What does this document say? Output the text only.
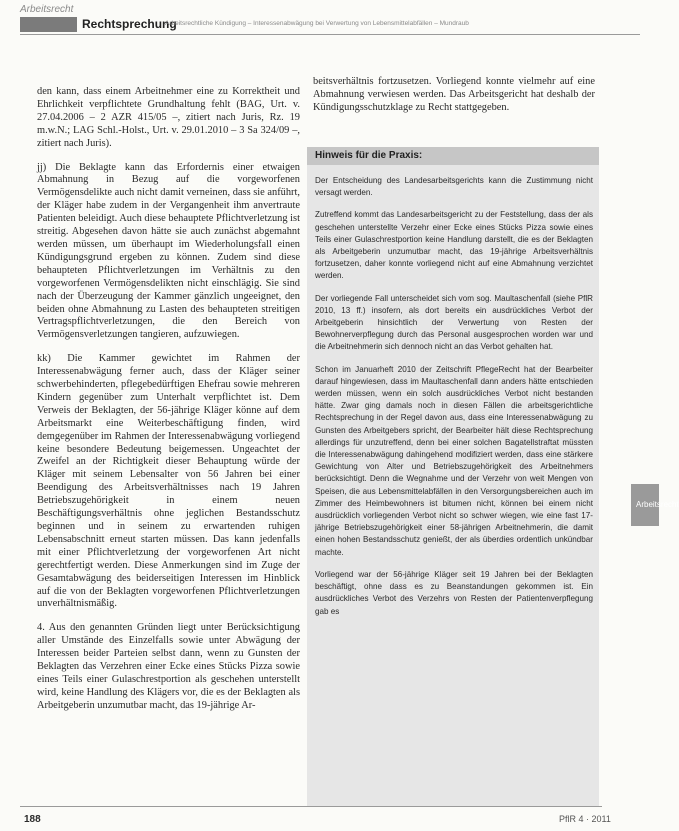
Arbeitsrecht
Rechtsprechung
Arbeitsrechtliche Kündigung – Interessenabwägung bei Verwertung von Lebensmittelabfällen – Mundraub

den kann, dass einem Arbeitnehmer eine zu Korrektheit und Ehrlichkeit verpflichtete Grundhaltung fehlt (BAG, Urt. v. 27.04.2006 – 2 AZR 415/05 –, zitiert nach Juris, Rz. 19 m.w.N.; LAG Schl.-Holst., Urt. v. 29.01.2010 – 3 Sa 324/09 –, zitiert nach Juris).

jj) Die Beklagte kann das Erfordernis einer etwaigen Abmahnung in Bezug auf die vorgeworfenen Vermögensdelikte auch nicht damit verneinen, dass sie anführt, der Kläger habe zudem in der Vergangenheit ihm anvertraute Patienten beleidigt. Auch diese behauptete Pflichtverletzung ist streitig. Abgesehen davon hätte sie auch zunächst abgemahnt werden müssen, um überhaupt im Wiederholungsfall einen Kündigungsgrund ergeben zu können. Zudem sind diese behaupteten Pflichtverletzungen im Verhältnis zu den vorgeworfenen Vermögensdelikten nicht einschlägig. Sie sind nach der Überzeugung der Kammer gänzlich ungeeignet, den beiden ohne Abmahnung zu Lasten des behaupteten streitigen Vertragspflichtverletzungen, die den Bereich von Vermögensverletzungen tangieren, aufzuwiegen.

kk) Die Kammer gewichtet im Rahmen der Interessenabwägung ferner auch, dass der Kläger seiner schwerbehinderten, pflegebedürftigen Ehefrau sowie mehreren Kindern gegenüber zum Unterhalt verpflichtet ist. Dem Verweis der Beklagten, der 56-jährige Kläger könne auf dem Arbeitsmarkt eine Weiterbeschäftigung finden, wird demgegenüber im Rahmen der Interessenabwägung vorliegend keine besondere Bedeutung beigemessen. Ungeachtet der Zweifel an der Richtigkeit dieser Behauptung würde der Kläger mit seinem Lebensalter von 56 Jahren bei einer Beendigung des Arbeitsverhältnisses nach 19 Jahren Betriebszugehörigkeit in einem neuen Beschäftigungsverhältnis ohne jeglichen Bestandsschutz beginnen und in seinem zu erwartenden ruhigen Lebensabschnitt erneut starten müssen. Das kann jedenfalls mit einer Pflichtverletzung der vorgeworfenen Art nicht gerechtfertigt werden. Diese Anmerkungen sind im Zuge der Gesamtabwägung des beiderseitigen Interessen im Hinblick auf die von der Beklagten vorgeworfenen Pflichtverletzungen unverhältnismäßig.

4. Aus den genannten Gründen liegt unter Berücksichtigung aller Umstände des Einzelfalls sowie unter Abwägung der Interessen beider Parteien selbst dann, wenn zu Gunsten der Beklagten das Verzehren einer Ecke eines Stücks Pizza sowie eines Teils einer Gulaschrestportion als geschehen unterstellt wird, keine Handlung des Klägers vor, die es der Beklagten als Arbeitgeberin unzumutbar macht, das 19-jährige Ar-

beitsverhältnis fortzusetzen. Vorliegend konnte vielmehr auf eine Abmahnung verwiesen werden. Das Arbeitsgericht hat deshalb der Kündigungsschutzklage zu Recht stattgegeben.

Hinweis für die Praxis:

Der Entscheidung des Landesarbeitsgerichts kann die Zustimmung nicht versagt werden.

Zutreffend kommt das Landesarbeitsgericht zu der Feststellung, dass der als geschehen unterstellte Verzehr einer Ecke eines Stücks Pizza sowie eines Teils einer Gulaschrestportion keine Handlung darstellt, die es der Beklagten als Arbeitgeberin unzumutbar macht, das 19-jährige Arbeitsverhältnis fortzusetzen, daher konnte vorliegend nicht auf eine Abmahnung verzichtet werden.

Der vorliegende Fall unterscheidet sich vom sog. Maultaschenfall (siehe PflR 2010, 13 ff.) insofern, als dort bereits ein ausdrückliches Verbot der Arbeitgeberin hinsichtlich der Verwertung von Resten der Bewohnerverpflegung durch das Personal ausgesprochen worden war und die Arbeitnehmerin sich dennoch nicht an das Verbot gehalten hat.

Schon im Januarheft 2010 der Zeitschrift PflegeRecht hat der Bearbeiter darauf hingewiesen, dass im Maultaschenfall dann anders hätte entschieden werden müssen, wenn ein solch ausdrückliches Verbot nicht bestanden hätte. Zwar ging damals noch in diesen Fällen die arbeitsgerichtliche Rechtsprechung in der Regel davon aus, dass eine Interessenabwägung zu Gunsten des Arbeitgebers spricht, der Bearbeiter hält diese Rechtsprechung allerdings für unzutreffend, denn bei einer solchen Bagatellstraftat müssten die Interessenabwägung dahingehend modifiziert werden, dass eine stärkere Gewichtung von Alter und Betriebszugehörigkeit des Arbeitnehmers berücksichtigt. Denn die Wegnahme und der Verzehr von weit Mengen von Speisen, die aus Lebensmittelabfällen in den Versorgungsbereichen auch im Zimmer des Heimbewohners ist bitumen nicht, können bei einem nicht ausdrücklich vorliegenden Verbot nicht so schwer wiegen, wie eine fast 17-jährige Betriebszugehörigkeit einer 58-jährigen Arbeitnehmerin, die damit einen hohen Bestandsschutz genießt, der als überdies ordentlich unkündbar machte.

Vorliegend war der 56-jährige Kläger seit 19 Jahren bei der Beklagten beschäftigt, ohne dass es zu Beanstandungen gekommen ist. Ein ausdrückliches Verbot des Verzehrs von Resten der Patientenverpflegung gab es

Arbeitsrecht
188	PflR 4 · 2011
